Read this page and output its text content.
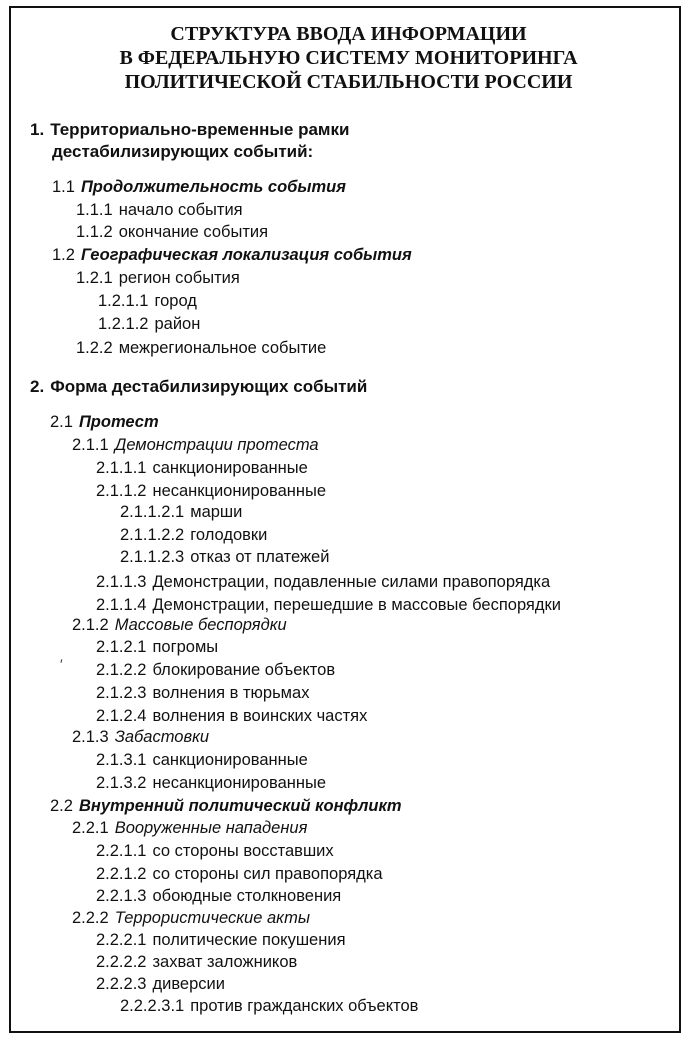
СТРУКТУРА ВВОДА ИНФОРМАЦИИ
В ФЕДЕРАЛЬНУЮ СИСТЕМУ МОНИТОРИНГА
ПОЛИТИЧЕСКОЙ СТАБИЛЬНОСТИ РОССИИ
1. Территориально-временные рамки
дестабилизирующих событий:
1.1 Продолжительность события
1.1.1 начало события
1.1.2 окончание события
1.2 Географическая локализация события
1.2.1 регион события
1.2.1.1 город
1.2.1.2 район
1.2.2 межрегиональное событие
2. Форма дестабилизирующих событий
2.1 Протест
2.1.1 Демонстрации протеста
2.1.1.1 санкционированные
2.1.1.2 несанкционированные
2.1.1.2.1 марши
2.1.1.2.2 голодовки
2.1.1.2.3 отказ от платежей
2.1.1.3 Демонстрации, подавленные силами правопорядка
2.1.1.4 Демонстрации, перешедшие в массовые беспорядки
2.1.2 Массовые беспорядки
2.1.2.1 погромы
2.1.2.2 блокирование объектов
2.1.2.3 волнения в тюрьмах
2.1.2.4 волнения в воинских частях
2.1.3 Забастовки
2.1.3.1 санкционированные
2.1.3.2 несанкционированные
2.2 Внутренний политический конфликт
2.2.1 Вооруженные нападения
2.2.1.1 со стороны восставших
2.2.1.2 со стороны сил правопорядка
2.2.1.3 обоюдные столкновения
2.2.2 Террористические акты
2.2.2.1 политические покушения
2.2.2.2 захват заложников
2.2.2.3 диверсии
2.2.2.3.1 против гражданских объектов
′
